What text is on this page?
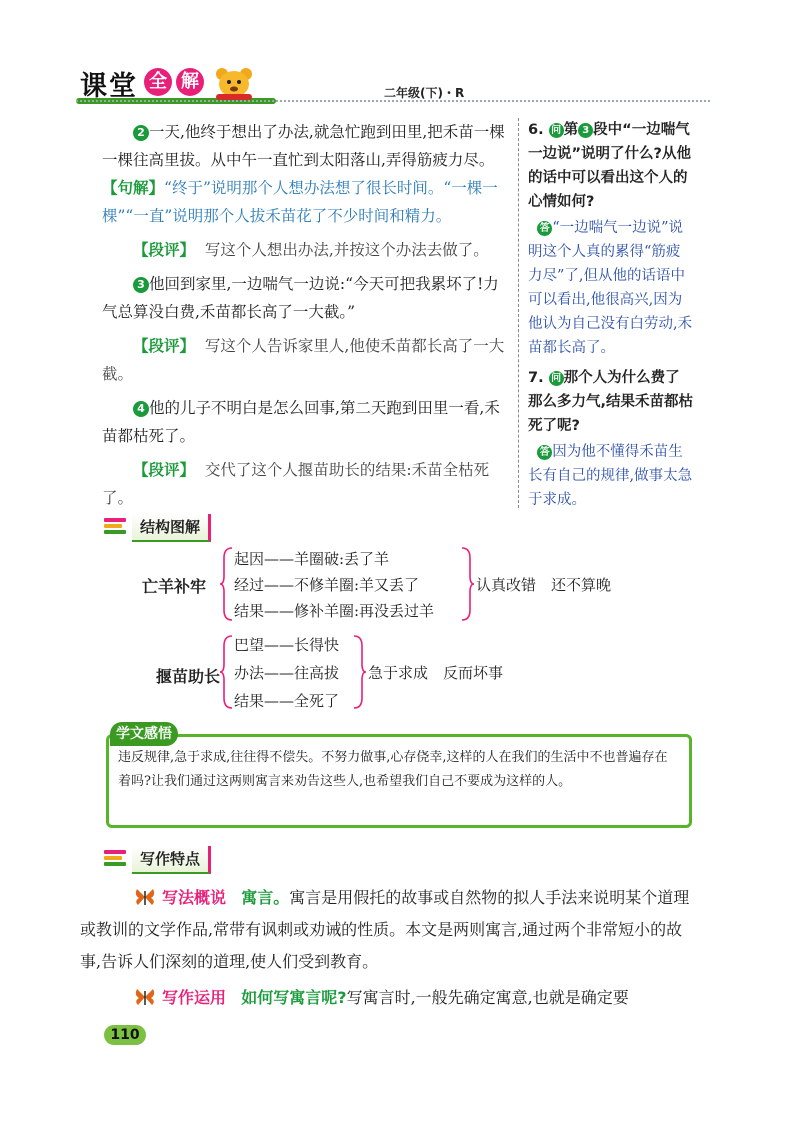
课堂 全 解
二年级(下)・R

2 一天,他终于想出了办法,就急忙跑到田里,把禾苗一棵一棵往高里拔。从中午一直忙到太阳落山,弄得筋疲力尽。【句解】“终于”说明那个人想办法想了很长时间。“一棵一棵”“一直”说明那个人拔禾苗花了不少时间和精力。

【段评】 写这个人想出办法,并按这个办法去做了。

3 他回到家里,一边喘气一边说:“今天可把我累坏了!力气总算没白费,禾苗都长高了一大截。”

【段评】 写这个人告诉家里人,他使禾苗都长高了一大截。

4 他的儿子不明白是怎么回事,第二天跑到田里一看,禾苗都枯死了。

【段评】 交代了这个人揠苗助长的结果:禾苗全枯死了。

6. 问 第 3 段中“一边喘气一边说”说明了什么?从他的话中可以看出这个人的心情如何?
答 “一边喘气一边说”说明这个人真的累得“筋疲力尽”了,但从他的话语中可以看出,他很高兴,因为他认为自己没有白劳动,禾苗都长高了。
7. 问 那个人为什么费了那么多力气,结果禾苗都枯死了呢?
答 因为他不懂得禾苗生长有自己的规律,做事太急于求成。
结构图解
亡羊补牢
起因——羊圈破:丢了羊
经过——不修羊圈:羊又丢了
结果——修补羊圈:再没丢过羊
认真改错　还不算晚
揠苗助长
巴望——长得快
办法——往高拔
结果——全死了
急于求成　反而坏事
学文感悟
违反规律,急于求成,往往得不偿失。不努力做事,心存侥幸,这样的人在我们的生活中不也普遍存在着吗?让我们通过这两则寓言来劝告这些人,也希望我们自己不要成为这样的人。
写作特点

写法概说 寓言。寓言是用假托的故事或自然物的拟人手法来说明某个道理或教训的文学作品,常带有讽刺或劝诫的性质。本文是两则寓言,通过两个非常短小的故事,告诉人们深刻的道理,使人们受到教育。

写作运用 如何写寓言呢?写寓言时,一般先确定寓意,也就是确定要

110
